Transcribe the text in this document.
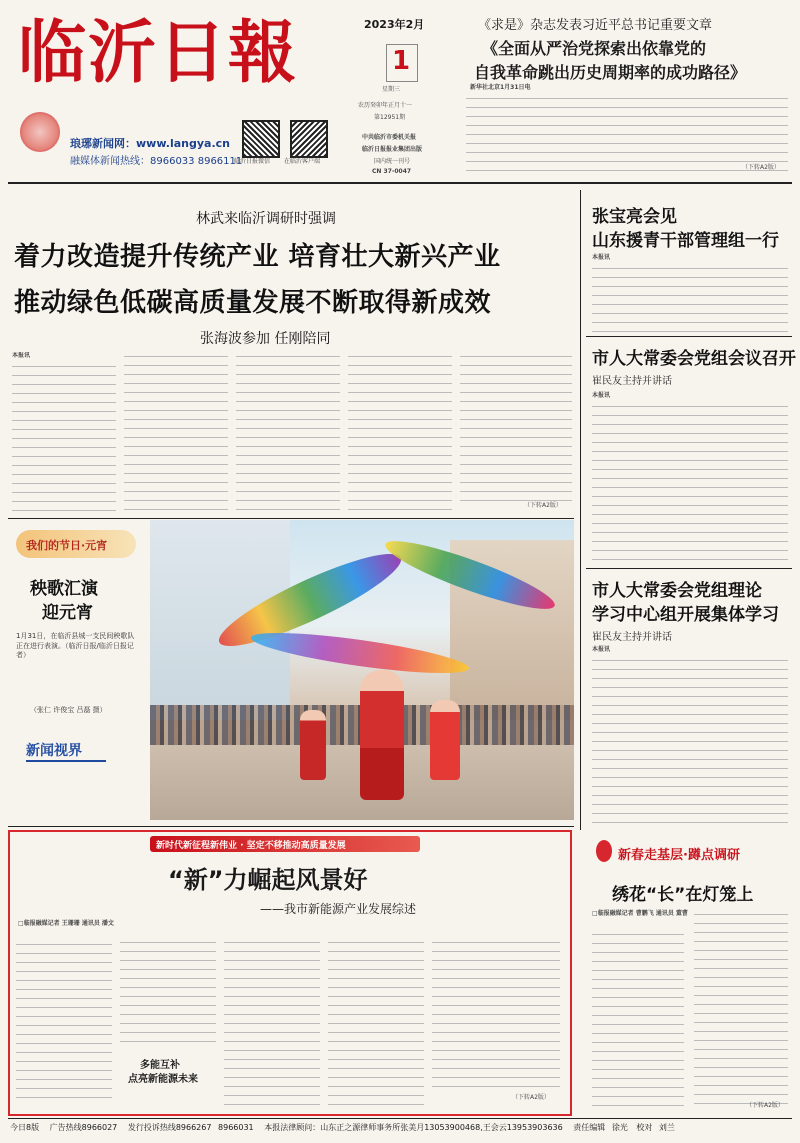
临沂日報
琅琊新闻网：www.langya.cn
融媒体新闻热线：8966033 8966111
临沂日报微信 在临沂客户端
2023年2月
1
星期三
农历癸卯年正月十一
第12951期
中共临沂市委机关报
临沂日报报业集团出版
国内统一刊号
CN 37-0047
《求是》杂志发表习近平总书记重要文章
《全面从严治党探索出依靠党的
自我革命跳出历史周期率的成功路径》
新华社北京1月31日电
（下转A2版）
林武来临沂调研时强调
着力改造提升传统产业 培育壮大新兴产业
推动绿色低碳高质量发展不断取得新成效
张海波参加 任刚陪同
本报讯
（下转A2版）
我们的节日·元宵
秧歌汇演
迎元宵
1月31日，在临沂县城一支民间秧歌队正在进行表演。（临沂日报/临沂日报记者）
（张仁 许俊宝 吕磊 摄）
新闻视界
张宝亮会见
山东援青干部管理组一行
本报讯
市人大常委会党组会议召开
崔民友主持并讲话
本报讯
市人大常委会党组理论
学习中心组开展集体学习
崔民友主持并讲话
本报讯
新时代新征程新伟业 · 坚定不移推动高质量发展
“新”力崛起风景好
——我市新能源产业发展综述
□临报融媒记者 王珊珊 通讯员 潘文
多能互补
点亮新能源未来
（下转A2版）
新春走基层·蹲点调研
绣花“长”在灯笼上
□临报融媒记者 曹鹏飞 通讯员 董曹
（下转A2版）
今日8版 广告热线8966027 发行投诉热线8966267 8966031 本报法律顾问：山东正之源律师事务所张美月13053900468,王会云13953903636 责任编辑 徐光 校对 刘兰
